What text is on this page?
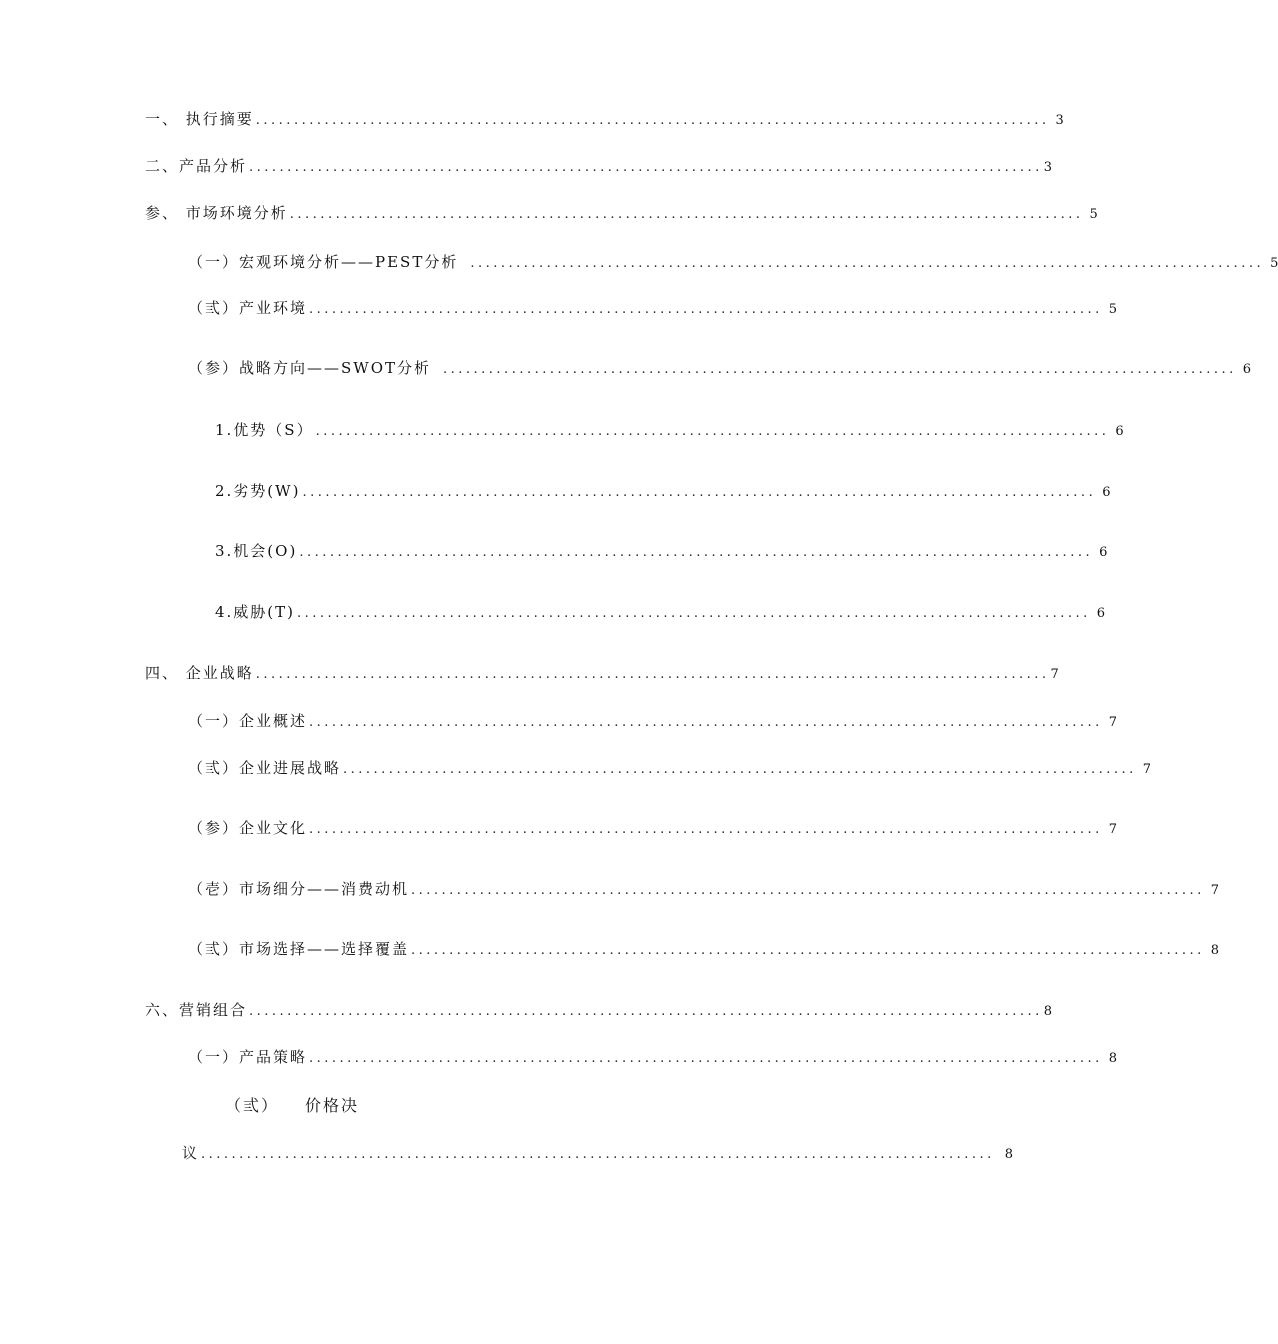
一、 执行摘要 ........................................................................................................ 3
二、产品分析 ........................................................................................................ 3
参、 市场环境分析 ........................................................................................................ 5
（一）宏观环境分析——PEST分析 ........................................................................................................ 5
（弎）产业环境 ........................................................................................................ 5
（参）战略方向——SWOT分析 ........................................................................................................ 6
1.优势（S） ........................................................................................................ 6
2.劣势(W) ........................................................................................................ 6
3.机会(O) ........................................................................................................ 6
4.威胁(T) ........................................................................................................ 6
四、 企业战略 ........................................................................................................ 7
（一）企业概述 ........................................................................................................ 7
（弎）企业进展战略 ........................................................................................................ 7
（参）企业文化 ........................................................................................................ 7
（壱）市场细分——消费动机 ........................................................................................................ 7
（弎）市场选择——选择覆盖 ........................................................................................................ 8
六、营销组合 ........................................................................................................ 8
（一）产品策略 ........................................................................................................ 8
（弎） 价格决
议 ........................................................................................................ 8
